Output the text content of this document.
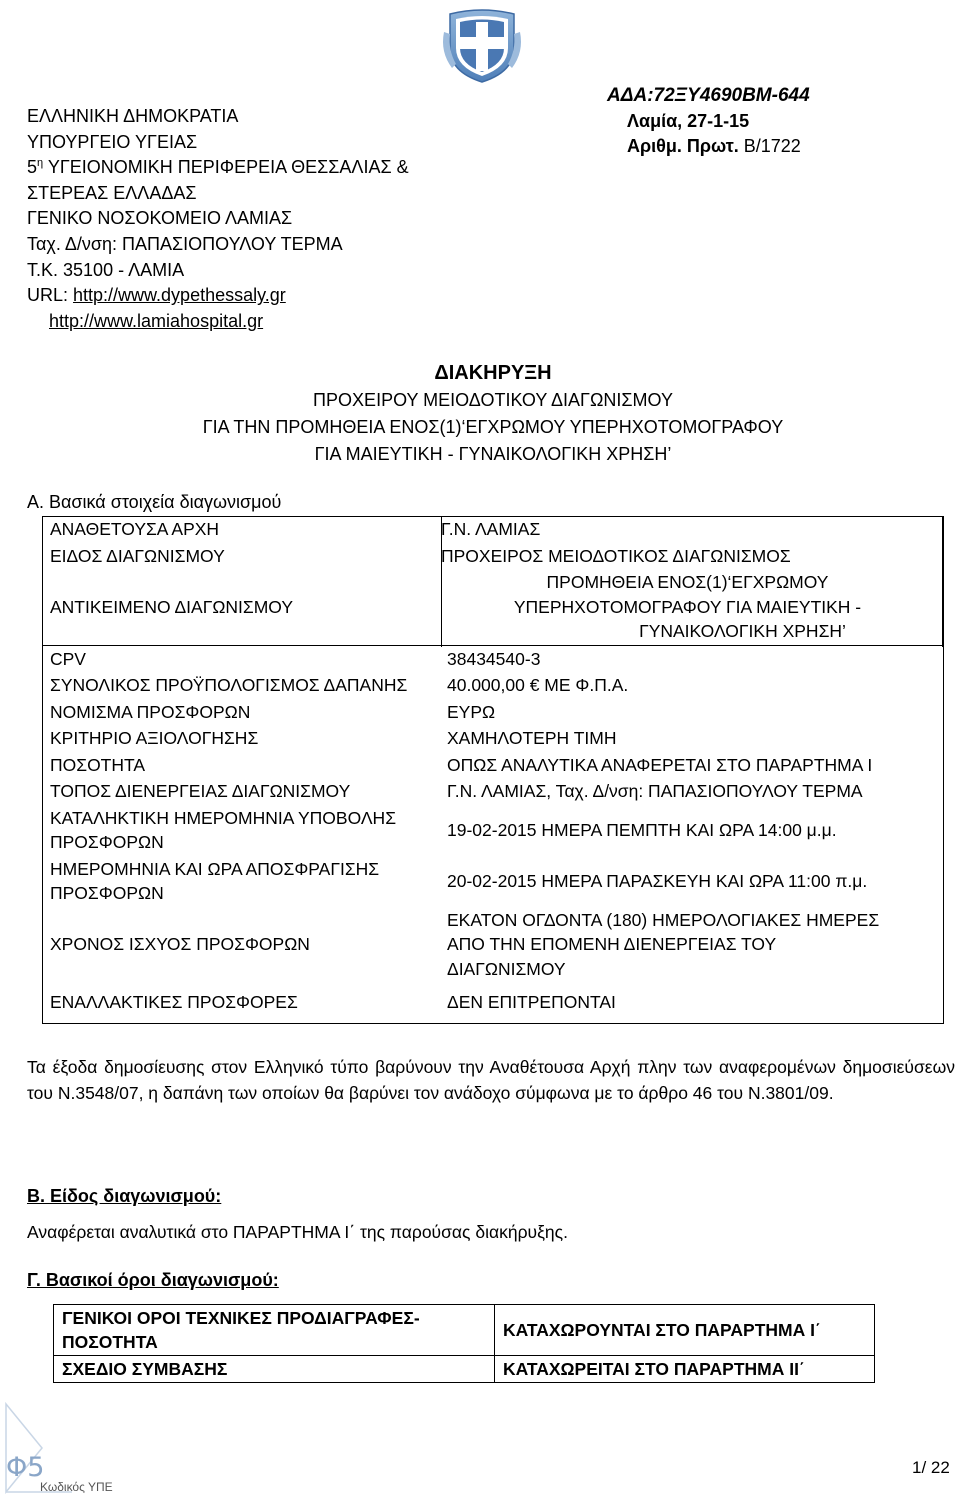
ΕΛΛΗΝΙΚΗ ΔΗΜΟΚΡΑΤΙΑ
ΥΠΟΥΡΓΕΙΟ ΥΓΕΙΑΣ
$5^\eta$ ΥΓΕΙΟΝΟΜΙΚΗ ΠΕΡΙΦΕΡΕΙΑ ΘΕΣΣΑΛΙΑΣ &
ΣΤΕΡΕΑΣ ΕΛΛΑΔΑΣ
ΓΕΝΙΚΟ ΝΟΣΟΚΟΜΕΙΟ ΛΑΜΙΑΣ
Ταχ. Δ/νση: ΠΑΠΑΣΙΟΠΟΥΛΟΥ ΤΕΡΜΑ
Τ.Κ. 35100 - ΛΑΜΙΑ
URL: http://www.dypethessaly.gr
http://www.lamiahospital.gr
ΑΔΑ:72ΞΥ4690ΒΜ-644
Λαμία, 27-1-15
Αριθμ. Πρωτ. Β/1722
ΔΙΑΚΗΡΥΞΗ
ΠΡΟΧΕΙΡΟΥ ΜΕΙΟΔΟΤΙΚΟΥ ΔΙΑΓΩΝΙΣΜΟΥ
ΓΙΑ ΤΗΝ ΠΡΟΜΗΘΕΙΑ ΕΝΟΣ(1)‘ΕΓΧΡΩΜΟΥ ΥΠΕΡΗΧΟΤΟΜΟΓΡΑΦΟΥ
ΓΙΑ ΜΑΙΕΥΤΙΚΗ - ΓΥΝΑΙΚΟΛΟΓΙΚΗ ΧΡΗΣΗ’
Α. Βασικά στοιχεία διαγωνισμού
ΑΝΑΘΕΤΟΥΣΑ ΑΡΧΗ	Γ.Ν. ΛΑΜΙΑΣ
ΕΙΔΟΣ ΔΙΑΓΩΝΙΣΜΟΥ	ΠΡΟΧΕΙΡΟΣ ΜΕΙΟΔΟΤΙΚΟΣ ΔΙΑΓΩΝΙΣΜΟΣ
ΑΝΤΙΚΕΙΜΕΝΟ ΔΙΑΓΩΝΙΣΜΟΥ	ΠΡΟΜΗΘΕΙΑ ΕΝΟΣ(1)‘ΕΓΧΡΩΜΟΥ
ΥΠΕΡΗΧΟΤΟΜΟΓΡΑΦΟΥ ΓΙΑ ΜΑΙΕΥΤΙΚΗ -
ΓΥΝΑΙΚΟΛΟΓΙΚΗ ΧΡΗΣΗ’

CPV	38434540-3
ΣΥΝΟΛΙΚΟΣ ΠΡΟΫΠΟΛΟΓΙΣΜΟΣ ΔΑΠΑΝΗΣ	40.000,00 € ΜΕ Φ.Π.Α.
ΝΟΜΙΣΜΑ ΠΡΟΣΦΟΡΩΝ	ΕΥΡΩ
ΚΡΙΤΗΡΙΟ ΑΞΙΟΛΟΓΗΣΗΣ	ΧΑΜΗΛΟΤΕΡΗ ΤΙΜΗ
ΠΟΣΟΤΗΤΑ	ΟΠΩΣ ΑΝΑΛΥΤΙΚΑ ΑΝΑΦΕΡΕΤΑΙ ΣΤΟ ΠΑΡΑΡΤΗΜΑ Ι
ΤΟΠΟΣ ΔΙΕΝΕΡΓΕΙΑΣ ΔΙΑΓΩΝΙΣΜΟΥ	Γ.Ν. ΛΑΜΙΑΣ, Ταχ. Δ/νση: ΠΑΠΑΣΙΟΠΟΥΛΟΥ ΤΕΡΜΑ

ΚΑΤΑΛΗΚΤΙΚΗ ΗΜΕΡΟΜΗΝΙΑ ΥΠΟΒΟΛΗΣ
ΠΡΟΣΦΟΡΩΝ	19-02-2015 ΗΜΕΡΑ ΠΕΜΠΤΗ ΚΑΙ ΩΡΑ 14:00 μ.μ.

ΗΜΕΡΟΜΗΝΙΑ ΚΑΙ ΩΡΑ ΑΠΟΣΦΡΑΓΙΣΗΣ
ΠΡΟΣΦΟΡΩΝ	20-02-2015 ΗΜΕΡΑ ΠΑΡΑΣΚΕΥΗ ΚΑΙ ΩΡΑ 11:00 π.μ.
ΧΡΟΝΟΣ ΙΣΧΥΟΣ ΠΡΟΣΦΟΡΩΝ	ΕΚΑΤΟΝ ΟΓΔΟΝΤΑ (180) ΗΜΕΡΟΛΟΓΙΑΚΕΣ ΗΜΕΡΕΣ
ΑΠΟ ΤΗΝ ΕΠΟΜΕΝΗ ΔΙΕΝΕΡΓΕΙΑΣ ΤΟΥ
ΔΙΑΓΩΝΙΣΜΟΥ

ΕΝΑΛΛΑΚΤΙΚΕΣ ΠΡΟΣΦΟΡΕΣ	ΔΕΝ ΕΠΙΤΡΕΠΟΝΤΑΙ
Τα έξοδα δημοσίευσης στον Ελληνικό τύπο βαρύνουν την Αναθέτουσα Αρχή πλην των αναφερομένων δημοσιεύσεων του Ν.3548/07, η δαπάνη των οποίων θα βαρύνει τον ανάδοχο σύμφωνα με το άρθρο 46 του Ν.3801/09.
Β. Είδος διαγωνισμού:
Αναφέρεται αναλυτικά στο ΠΑΡΑΡΤΗΜΑ Ι΄ της παρούσας διακήρυξης.
Γ. Βασικοί όροι διαγωνισμού:
ΓΕΝΙΚΟΙ ΟΡΟΙ ΤΕΧΝΙΚΕΣ ΠΡΟΔΙΑΓΡΑΦΕΣ-
ΠΟΣΟΤΗΤΑ	ΚΑΤΑΧΩΡΟΥΝΤΑΙ ΣΤΟ ΠΑΡΑΡΤΗΜΑ Ι΄
ΣΧΕΔΙΟ ΣΥΜΒΑΣΗΣ	ΚΑΤΑΧΩΡΕΙΤΑΙ ΣΤΟ ΠΑΡΑΡΤΗΜΑ ΙΙ΄
Φ5
Κωδικός ΥΠΕ
1/ 22
